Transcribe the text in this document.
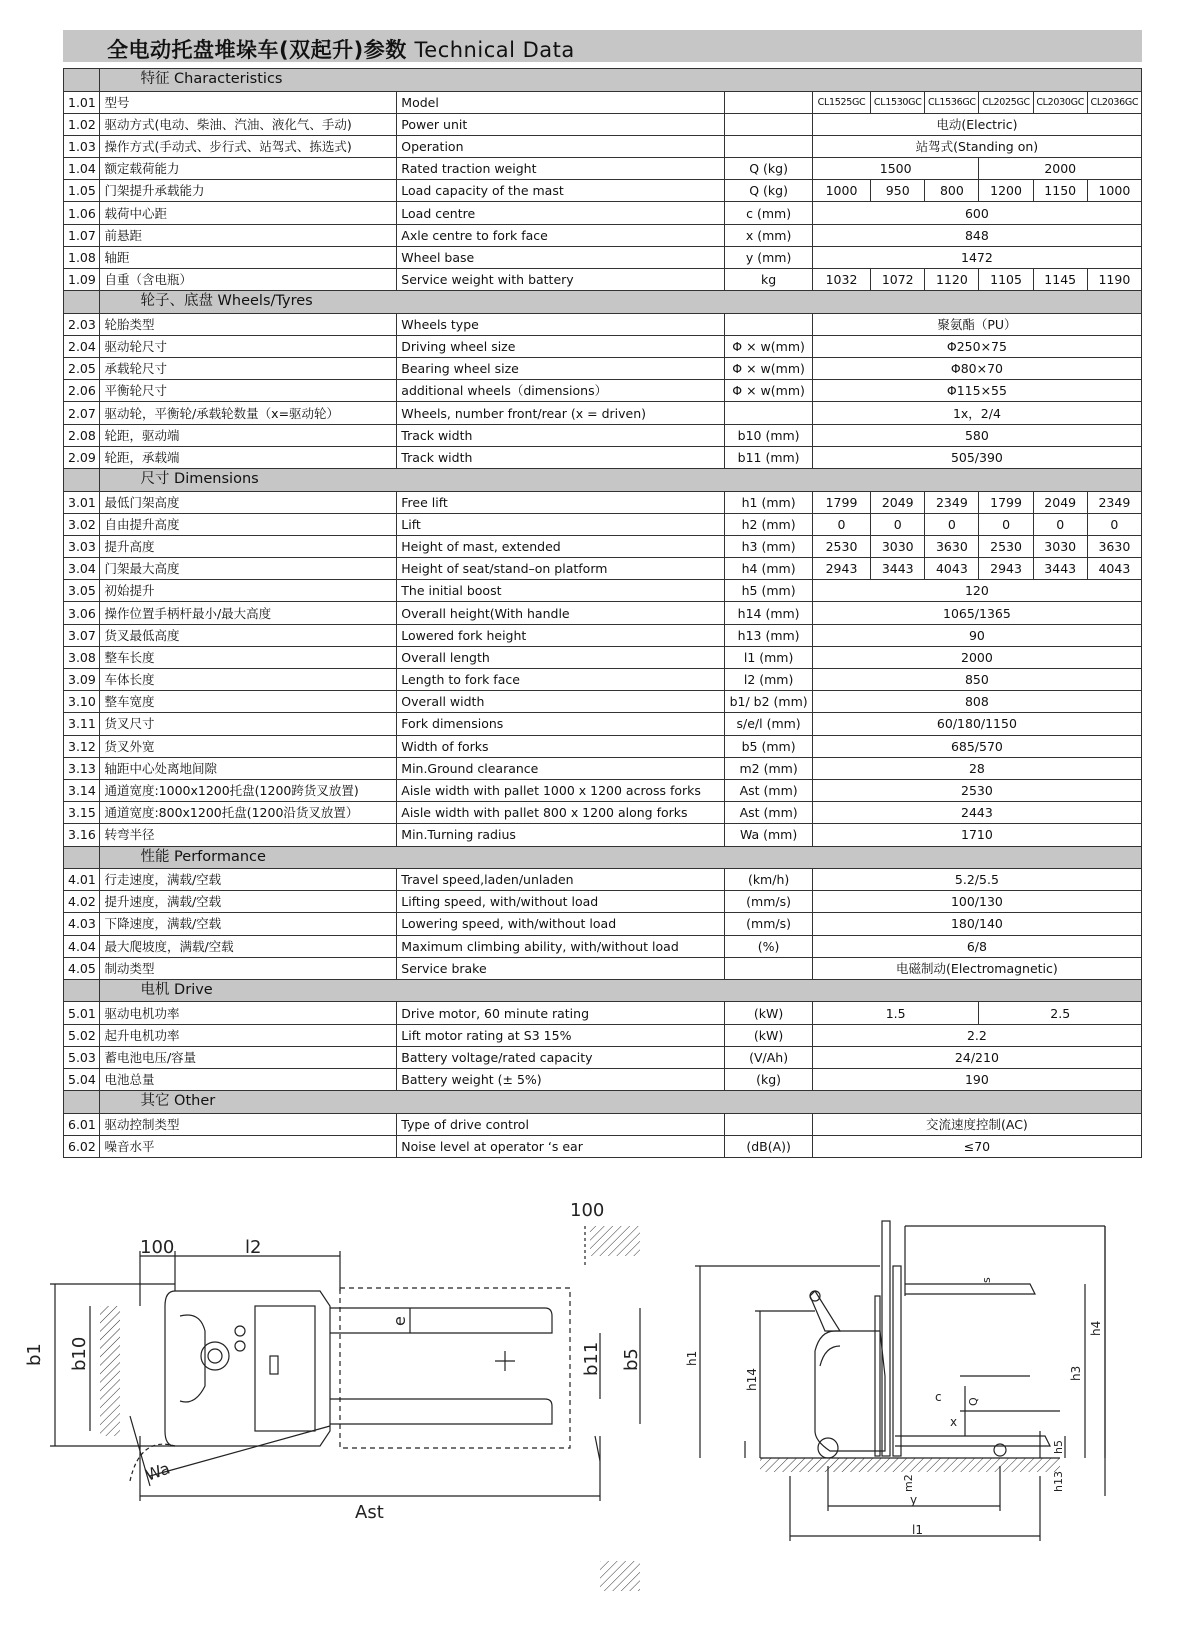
全电动托盘堆垛车(双起升)参数 Technical Data
	特征 Characteristics								
1.01	型号	Model		CL1525GC	CL1530GC	CL1536GC	CL2025GC	CL2030GC	CL2036GC
1.02	驱动方式(电动、柴油、汽油、液化气、手动)	Power unit		电动(Electric)					
1.03	操作方式(手动式、步行式、站驾式、拣选式)	Operation		站驾式(Standing on)					
1.04	额定载荷能力	Rated traction weight	Q (kg)	1500			2000		
1.05	门架提升承载能力	Load capacity of the mast	Q (kg)	1000	950	800	1200	1150	1000
1.06	载荷中心距	Load centre	c (mm)	600					
1.07	前悬距	Axle centre to fork face	x (mm)	848					
1.08	轴距	Wheel base	y (mm)	1472					
1.09	自重（含电瓶）	Service weight with battery	kg	1032	1072	1120	1105	1145	1190
	轮子、底盘 Wheels/Tyres								
2.03	轮胎类型	Wheels type		聚氨酯（PU）					
2.04	驱动轮尺寸	Driving wheel size	Φ × w(mm)	Φ250×75					
2.05	承载轮尺寸	Bearing wheel size	Φ × w(mm)	Φ80×70					
2.06	平衡轮尺寸	additional wheels（dimensions）	Φ × w(mm)	Φ115×55					
2.07	驱动轮，平衡轮/承载轮数量（x=驱动轮）	Wheels, number front/rear (x = driven)		1x，2/4					
2.08	轮距，驱动端	Track width	b10 (mm)	580					
2.09	轮距，承载端	Track width	b11 (mm)	505/390					
	尺寸 Dimensions								
3.01	最低门架高度	Free lift	h1 (mm)	1799	2049	2349	1799	2049	2349
3.02	自由提升高度	Lift	h2 (mm)	0	0	0	0	0	0
3.03	提升高度	Height of mast, extended	h3 (mm)	2530	3030	3630	2530	3030	3630
3.04	门架最大高度	Height of seat/stand–on platform	h4 (mm)	2943	3443	4043	2943	3443	4043
3.05	初始提升	The initial boost	h5 (mm)	120					
3.06	操作位置手柄杆最小/最大高度	Overall height(With handle	h14 (mm)	1065/1365					
3.07	货叉最低高度	Lowered fork height	h13 (mm)	90					
3.08	整车长度	Overall length	l1 (mm)	2000					
3.09	车体长度	Length to fork face	l2 (mm)	850					
3.10	整车宽度	Overall width	b1/ b2 (mm)	808					
3.11	货叉尺寸	Fork dimensions	s/e/l (mm)	60/180/1150					
3.12	货叉外宽	Width of forks	b5 (mm)	685/570					
3.13	轴距中心处离地间隙	Min.Ground clearance	m2 (mm)	28					
3.14	通道宽度:1000x1200托盘(1200跨货叉放置)	Aisle width with pallet 1000 x 1200 across forks	Ast (mm)	2530					
3.15	通道宽度:800x1200托盘(1200沿货叉放置）	Aisle width with pallet 800 x 1200 along forks	Ast (mm)	2443					
3.16	转弯半径	Min.Turning radius	Wa (mm)	1710					
	性能 Performance								
4.01	行走速度，满载/空载	Travel speed,laden/unladen	(km/h)	5.2/5.5					
4.02	提升速度，满载/空载	Lifting speed, with/without load	(mm/s)	100/130					
4.03	下降速度，满载/空载	Lowering speed, with/without load	(mm/s)	180/140					
4.04	最大爬坡度，满载/空载	Maximum climbing ability, with/without load	(%)	6/8					
4.05	制动类型	Service brake		电磁制动(Electromagnetic)					
	电机 Drive								
5.01	驱动电机功率	Drive motor, 60 minute rating	(kW)	1.5			2.5		
5.02	起升电机功率	Lift motor rating at S3 15%	(kW)	2.2					
5.03	蓄电池电压/容量	Battery voltage/rated capacity	(V/Ah)	24/210					
5.04	电池总量	Battery weight (± 5%)	(kg)	190					
	其它 Other								
6.01	驱动控制类型	Type of drive control		交流速度控制(AC)					
6.02	噪音水平	Noise level at operator ‘s ear	(dB(A))	≤70					
100	l2
100
b1 b10
e
b11 b5
Wa
Ast
h1
h14
s
h4
h3
c Q
x
h5
h13
m2
y
l1
